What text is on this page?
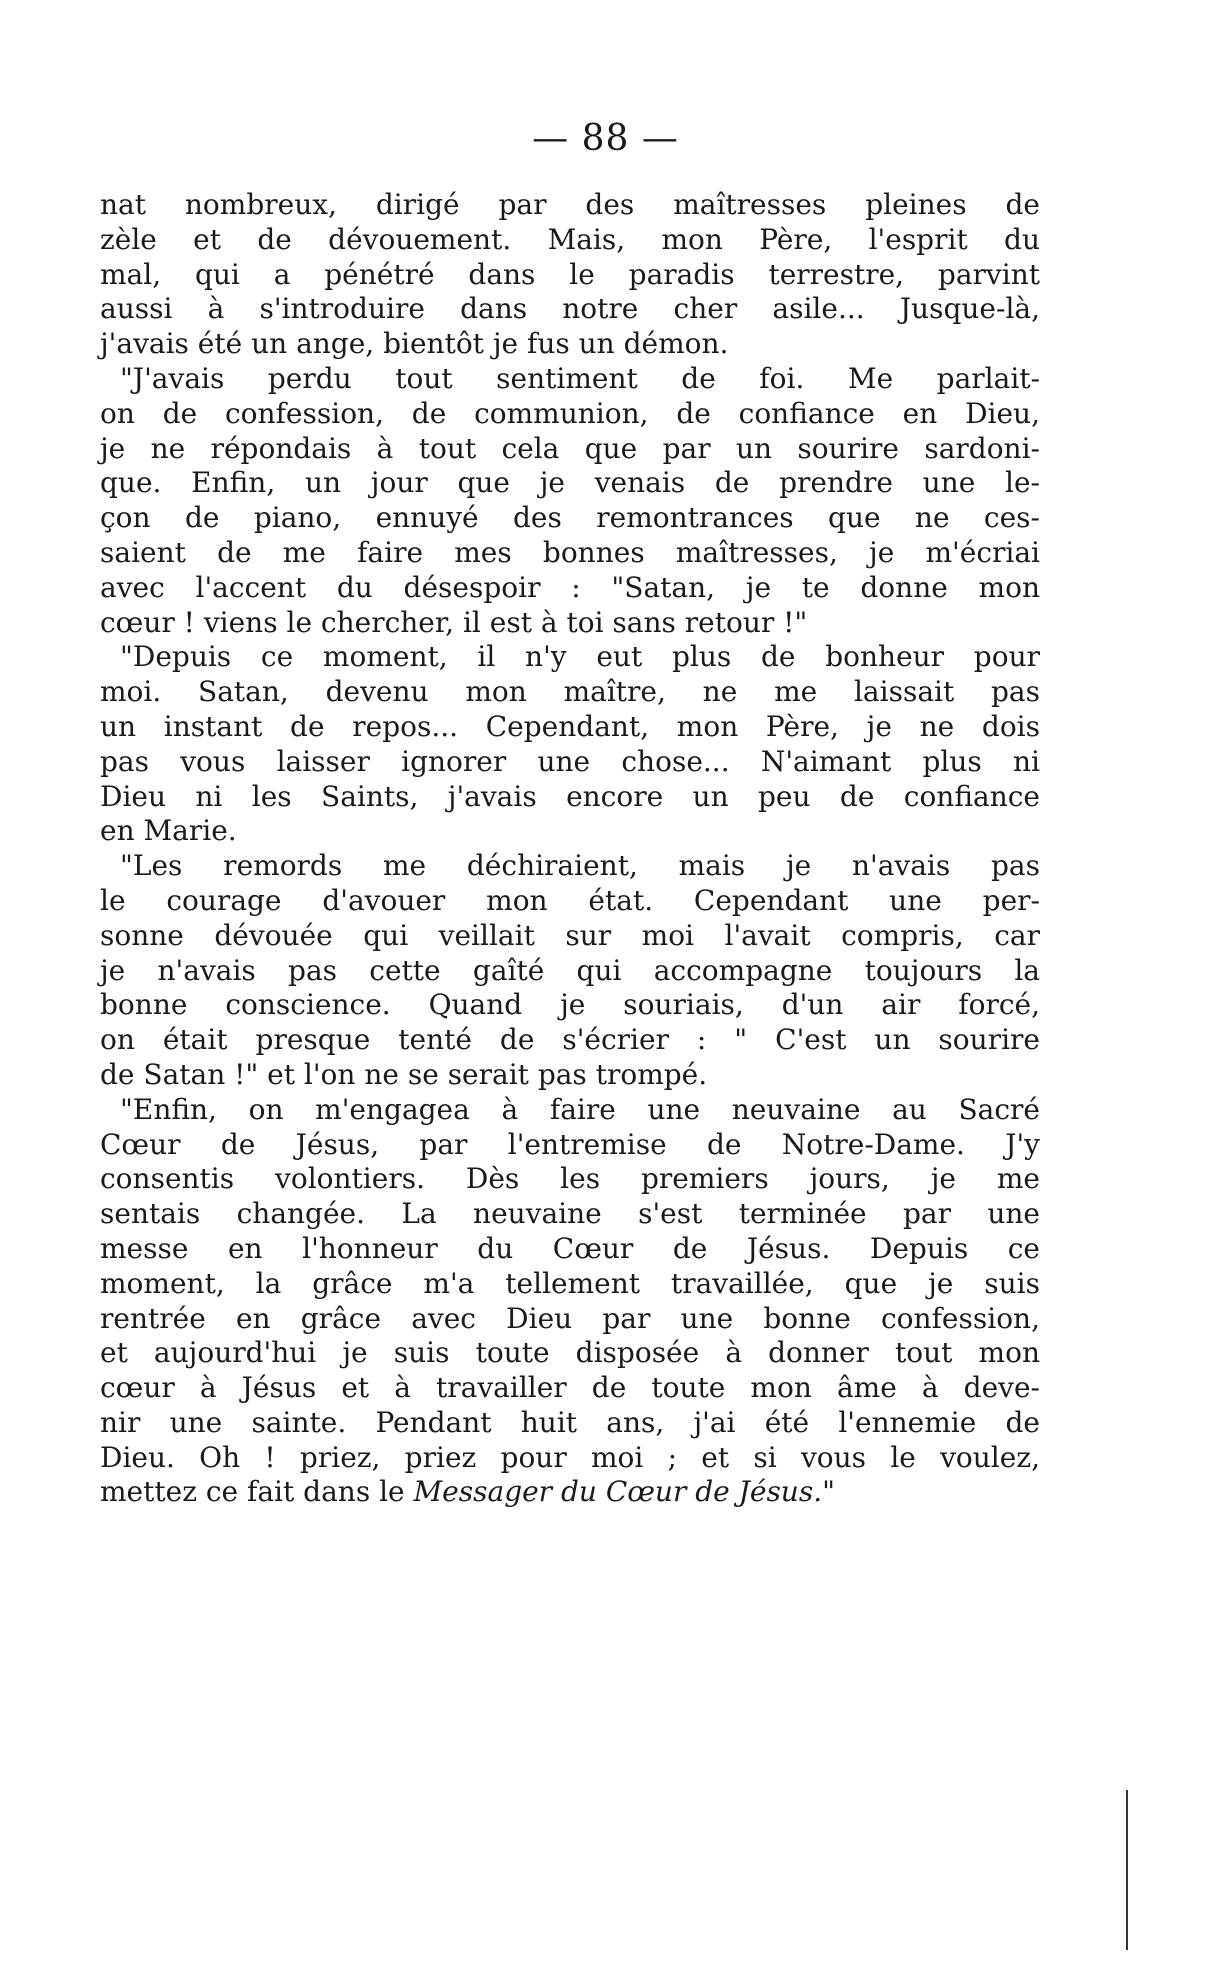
— 88 —
nat nombreux, dirigé par des maîtresses pleines de
zèle et de dévouement. Mais, mon Père, l'esprit du
mal, qui a pénétré dans le paradis terrestre, parvint
aussi à s'introduire dans notre cher asile... Jusque-là,
j'avais été un ange, bientôt je fus un démon.
"J'avais perdu tout sentiment de foi. Me parlait-
on de confession, de communion, de confiance en Dieu,
je ne répondais à tout cela que par un sourire sardoni-
que. Enfin, un jour que je venais de prendre une le-
çon de piano, ennuyé des remontrances que ne ces-
saient de me faire mes bonnes maîtresses, je m'écriai
avec l'accent du désespoir : "Satan, je te donne mon
cœur ! viens le chercher, il est à toi sans retour !"
"Depuis ce moment, il n'y eut plus de bonheur pour
moi. Satan, devenu mon maître, ne me laissait pas
un instant de repos... Cependant, mon Père, je ne dois
pas vous laisser ignorer une chose... N'aimant plus ni
Dieu ni les Saints, j'avais encore un peu de confiance
en Marie.
"Les remords me déchiraient, mais je n'avais pas
le courage d'avouer mon état. Cependant une per-
sonne dévouée qui veillait sur moi l'avait compris, car
je n'avais pas cette gaîté qui accompagne toujours la
bonne conscience. Quand je souriais, d'un air forcé,
on était presque tenté de s'écrier : " C'est un sourire
de Satan !" et l'on ne se serait pas trompé.
"Enfin, on m'engagea à faire une neuvaine au Sacré
Cœur de Jésus, par l'entremise de Notre-Dame. J'y
consentis volontiers. Dès les premiers jours, je me
sentais changée. La neuvaine s'est terminée par une
messe en l'honneur du Cœur de Jésus. Depuis ce
moment, la grâce m'a tellement travaillée, que je suis
rentrée en grâce avec Dieu par une bonne confession,
et aujourd'hui je suis toute disposée à donner tout mon
cœur à Jésus et à travailler de toute mon âme à deve-
nir une sainte. Pendant huit ans, j'ai été l'ennemie de
Dieu. Oh ! priez, priez pour moi ; et si vous le voulez,
mettez ce fait dans le Messager du Cœur de Jésus."
